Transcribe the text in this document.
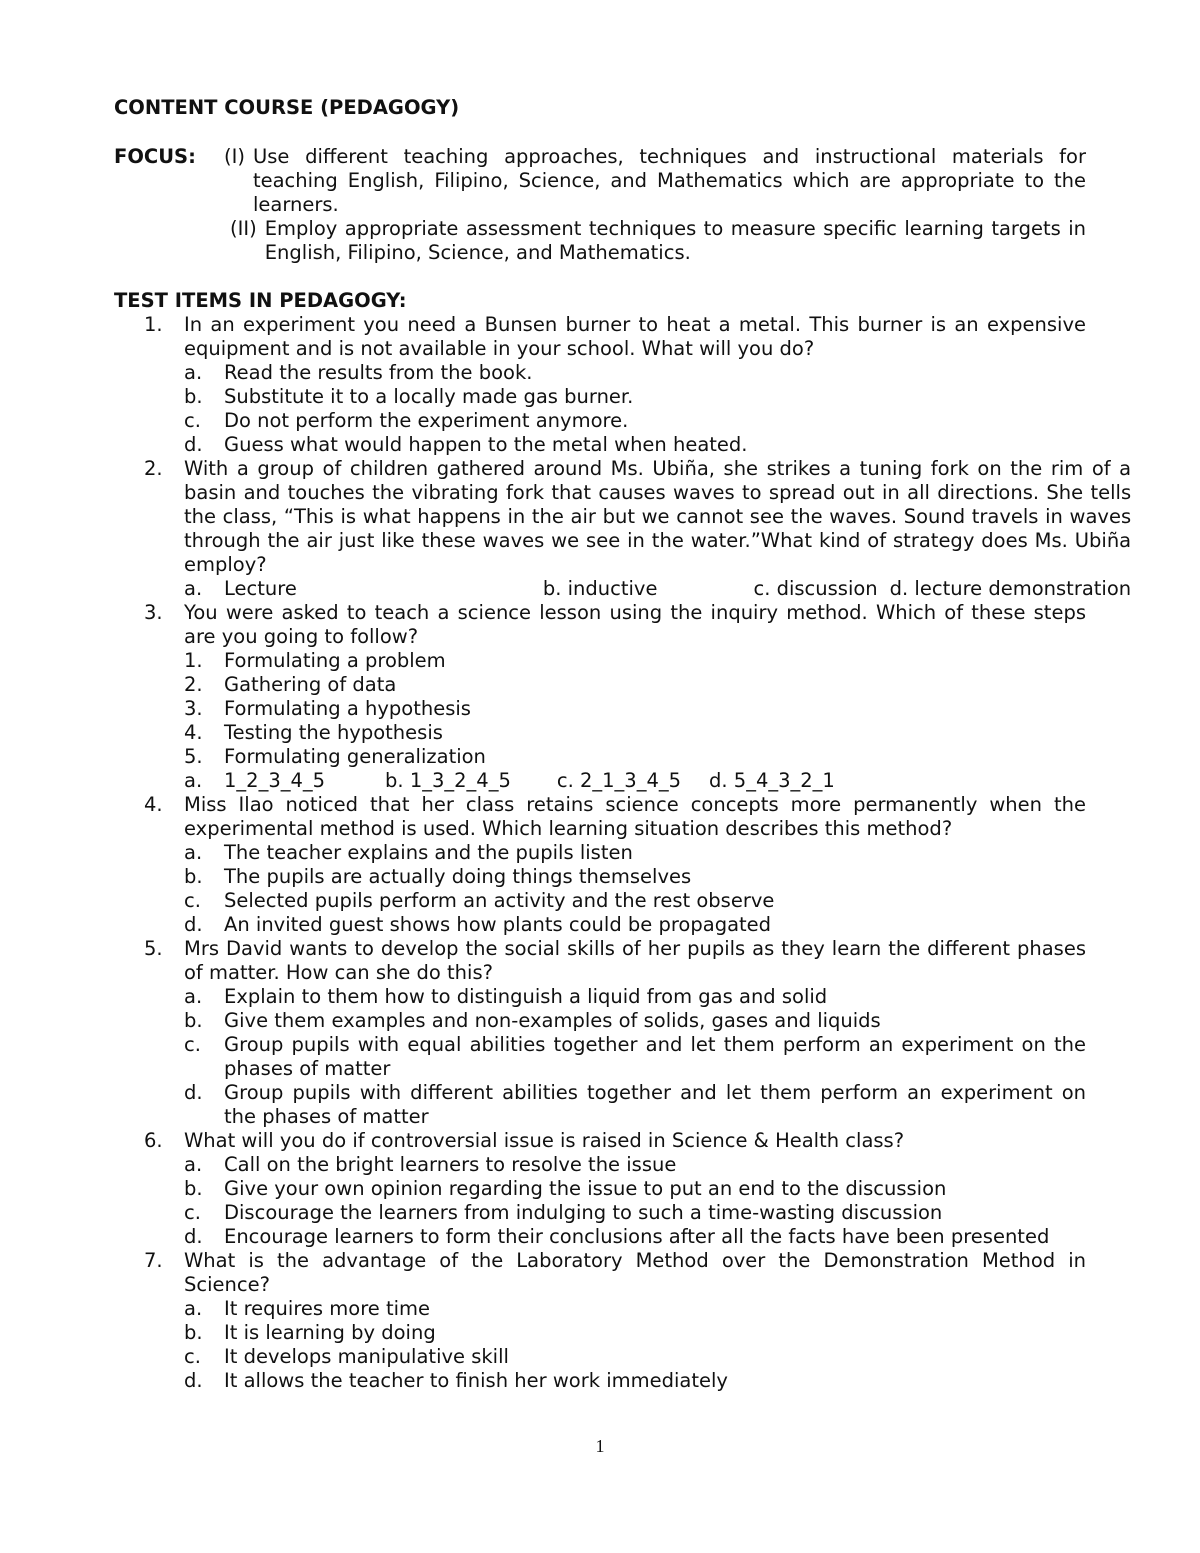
CONTENT COURSE (PEDAGOGY)

FOCUS:	(I) Use different teaching approaches, techniques and instructional materials for teaching English, Filipino, Science, and Mathematics which are appropriate to the learners.
(II) Employ appropriate assessment techniques to measure specific learning targets in English, Filipino, Science, and Mathematics.
TEST ITEMS IN PEDAGOGY:
1.	In an experiment you need a Bunsen burner to heat a metal. This burner is an expensive equipment and is not available in your school. What will you do?
a.	Read the results from the book.
b.	Substitute it to a locally made gas burner.
c.	Do not perform the experiment anymore.
d.	Guess what would happen to the metal when heated.
2.	With a group of children gathered around Ms. Ubiña, she strikes a tuning fork on the rim of a basin and touches the vibrating fork that causes waves to spread out in all directions. She tells the class, “This is what happens in the air but we cannot see the waves. Sound travels in waves through the air just like these waves we see in the water.”What kind of strategy does Ms. Ubiña employ?
a.	Lecture	b. inductive	c. discussion d. lecture demonstration
3.	You were asked to teach a science lesson using the inquiry method. Which of these steps are you going to follow?
1.	Formulating a problem
2.	Gathering of data
3.	Formulating a hypothesis
4.	Testing the hypothesis
5.	Formulating generalization
a.	1_2_3_4_5	b. 1_3_2_4_5 c. 2_1_3_4_5 d. 5_4_3_2_1
4.	Miss Ilao noticed that her class retains science concepts more permanently when the experimental method is used. Which learning situation describes this method?
a.	The teacher explains and the pupils listen
b.	The pupils are actually doing things themselves
c.	Selected pupils perform an activity and the rest observe
d.	An invited guest shows how plants could be propagated
5.	Mrs David wants to develop the social skills of her pupils as they learn the different phases of matter. How can she do this?
a.	Explain to them how to distinguish a liquid from gas and solid
b.	Give them examples and non-examples of solids, gases and liquids
c.	Group pupils with equal abilities together and let them perform an experiment on the phases of matter
d.	Group pupils with different abilities together and let them perform an experiment on the phases of matter
6.	What will you do if controversial issue is raised in Science & Health class?
a.	Call on the bright learners to resolve the issue
b.	Give your own opinion regarding the issue to put an end to the discussion
c.	Discourage the learners from indulging to such a time-wasting discussion
d.	Encourage learners to form their conclusions after all the facts have been presented
7.	What is the advantage of the Laboratory Method over the Demonstration Method in Science?
a.	It requires more time
b.	It is learning by doing
c.	It develops manipulative skill
d.	It allows the teacher to finish her work immediately
1
